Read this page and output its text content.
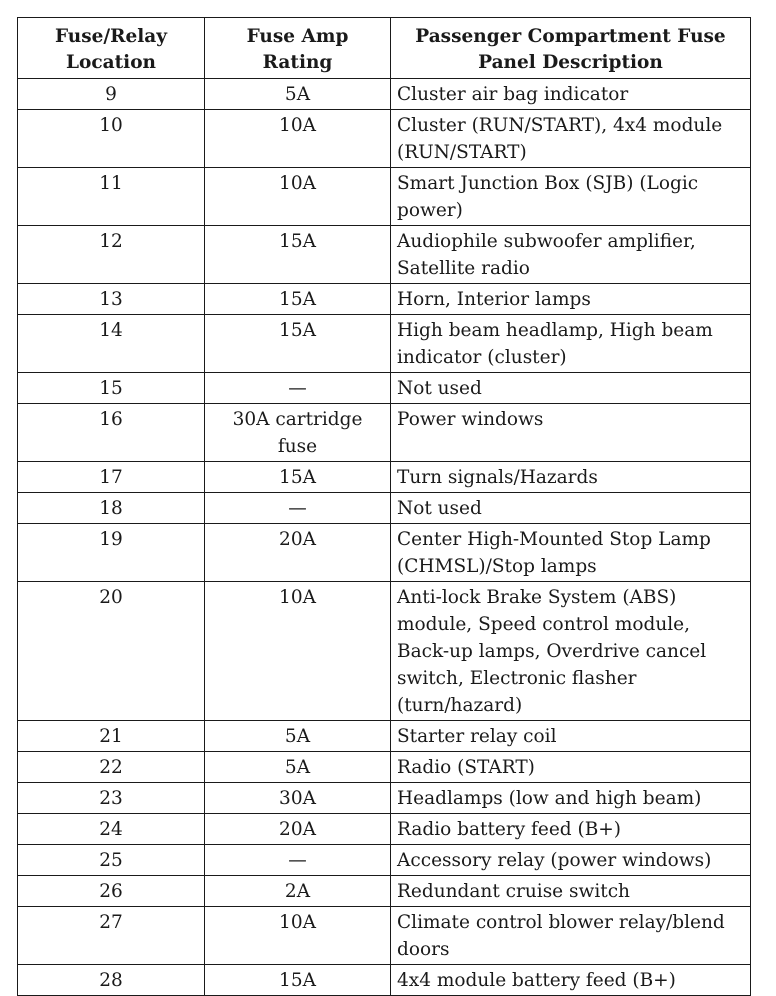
Fuse/Relay Location	Fuse Amp Rating	Passenger Compartment Fuse Panel Description
9	5A	Cluster air bag indicator
10	10A	Cluster (RUN/START), 4x4 module (RUN/START)
11	10A	Smart Junction Box (SJB) (Logic power)
12	15A	Audiophile subwoofer amplifier, Satellite radio
13	15A	Horn, Interior lamps
14	15A	High beam headlamp, High beam indicator (cluster)
15	—	Not used
16	30A cartridge fuse	Power windows
17	15A	Turn signals/Hazards
18	—	Not used
19	20A	Center High-Mounted Stop Lamp (CHMSL)/Stop lamps
20	10A	Anti-lock Brake System (ABS) module, Speed control module, Back-up lamps, Overdrive cancel switch, Electronic flasher (turn/hazard)
21	5A	Starter relay coil
22	5A	Radio (START)
23	30A	Headlamps (low and high beam)
24	20A	Radio battery feed (B+)
25	—	Accessory relay (power windows)
26	2A	Redundant cruise switch
27	10A	Climate control blower relay/blend doors
28	15A	4x4 module battery feed (B+)
